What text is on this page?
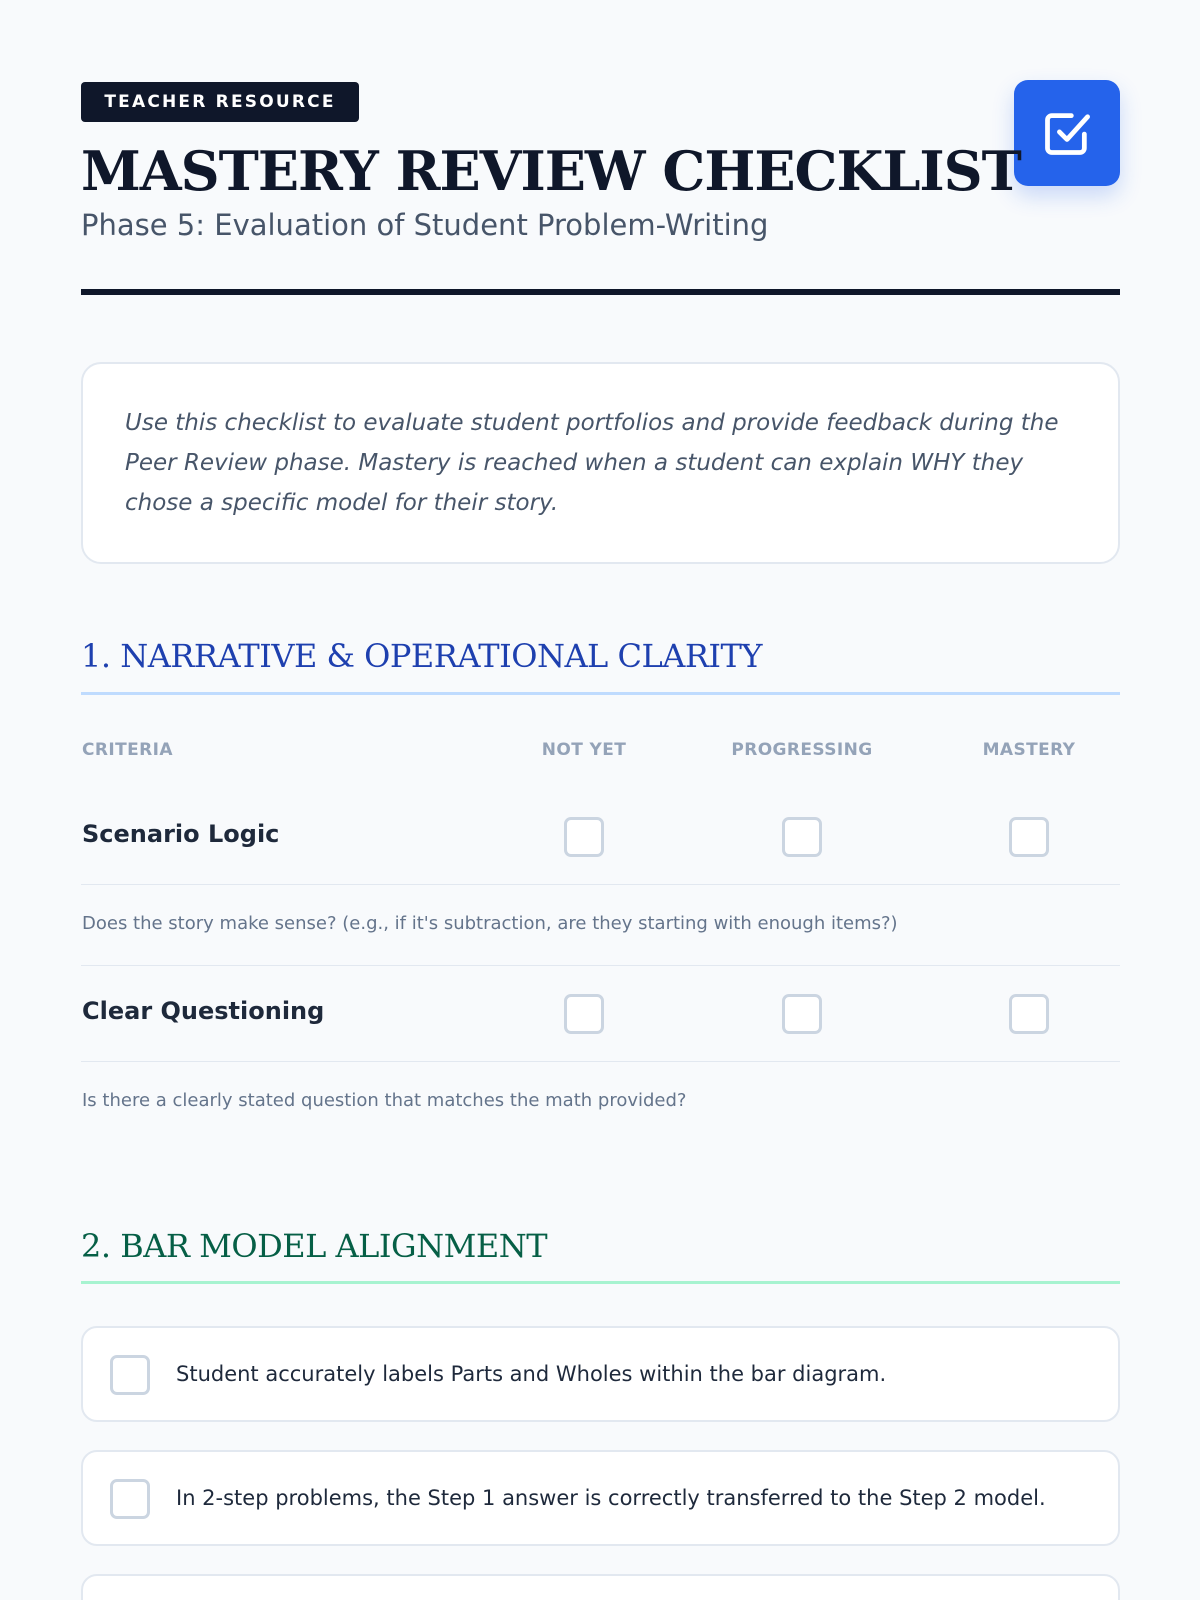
TEACHER RESOURCE
MASTERY REVIEW CHECKLIST
Phase 5: Evaluation of Student Problem-Writing
Use this checklist to evaluate student portfolios and provide feedback during the Peer Review phase. Mastery is reached when a student can explain WHY they chose a specific model for their story.
1. NARRATIVE & OPERATIONAL CLARITY
CRITERIA	NOT YET	PROGRESSING	MASTERY
Scenario Logic
Does the story make sense? (e.g., if it's subtraction, are they starting with enough items?)
Clear Questioning
Is there a clearly stated question that matches the math provided?
2. BAR MODEL ALIGNMENT
Student accurately labels Parts and Wholes within the bar diagram.
In 2-step problems, the Step 1 answer is correctly transferred to the Step 2 model.
